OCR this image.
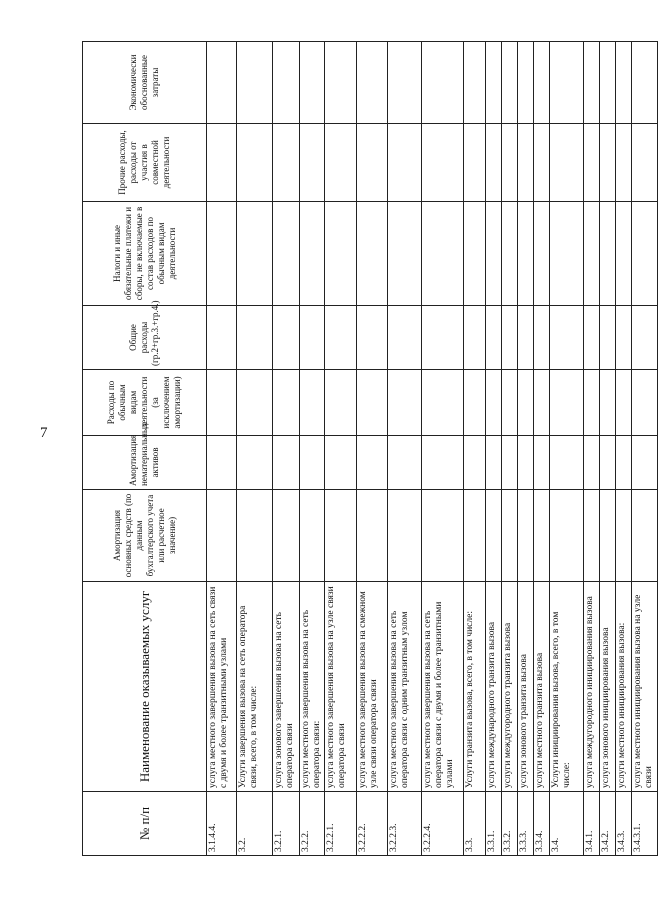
7
№ п/п	Наименование оказываемых услуг	Амортизация основных средств (по данным бухгалтерского учета или расчетное значение)	Амортизация нематериальных активов	Расходы по обычным видам деятельности (за исключением амортизации)	Общие расходы (гр.2+гр.3.+гр.4.)	Налоги и иные обязательные платежи и сборы, не включаемые в состав расходов по обычным видам деятельности	Прочие расходы, расходы от участия в совместной деятельности	Экономически обоснованные затраты
3.1.4.4.	услуга местного завершения вызова на сеть связи с двумя и более транзитными узлами							
3.2.	Услуги завершения вызова на сеть оператора связи, всего, в том числе:							
3.2.1.	услуга зонового завершения вызова на сеть оператора связи							
3.2.2.	услуги местного завершения вызова на сеть оператора связи:							
3.2.2.1.	услуга местного завершения вызова на узле связи оператора связи							
3.2.2.2.	услуга местного завершения вызова на смежном узле связи оператора связи							
3.2.2.3.	услуга местного завершения вызова на сеть оператора связи с одним транзитным узлом							
3.2.2.4.	услуга местного завершения вызова на сеть оператора связи с двумя и более транзитными узлами							
3.3.	Услуги транзита вызова, всего, в том числе:							
3.3.1.	услуги международного транзита вызова							
3.3.2.	услуги междугородного транзита вызова							
3.3.3.	услуги зонового транзита вызова							
3.3.4.	услуги местного транзита вызова							
3.4.	Услуги инициирования вызова, всего, в том числе:							
3.4.1.	услуга междугородного инициирования вызова							
3.4.2.	услуга зонового инициирования вызова							
3.4.3.	услуги местного инициирования вызова:							
3.4.3.1.	услуга местного инициирования вызова на узле связи							
